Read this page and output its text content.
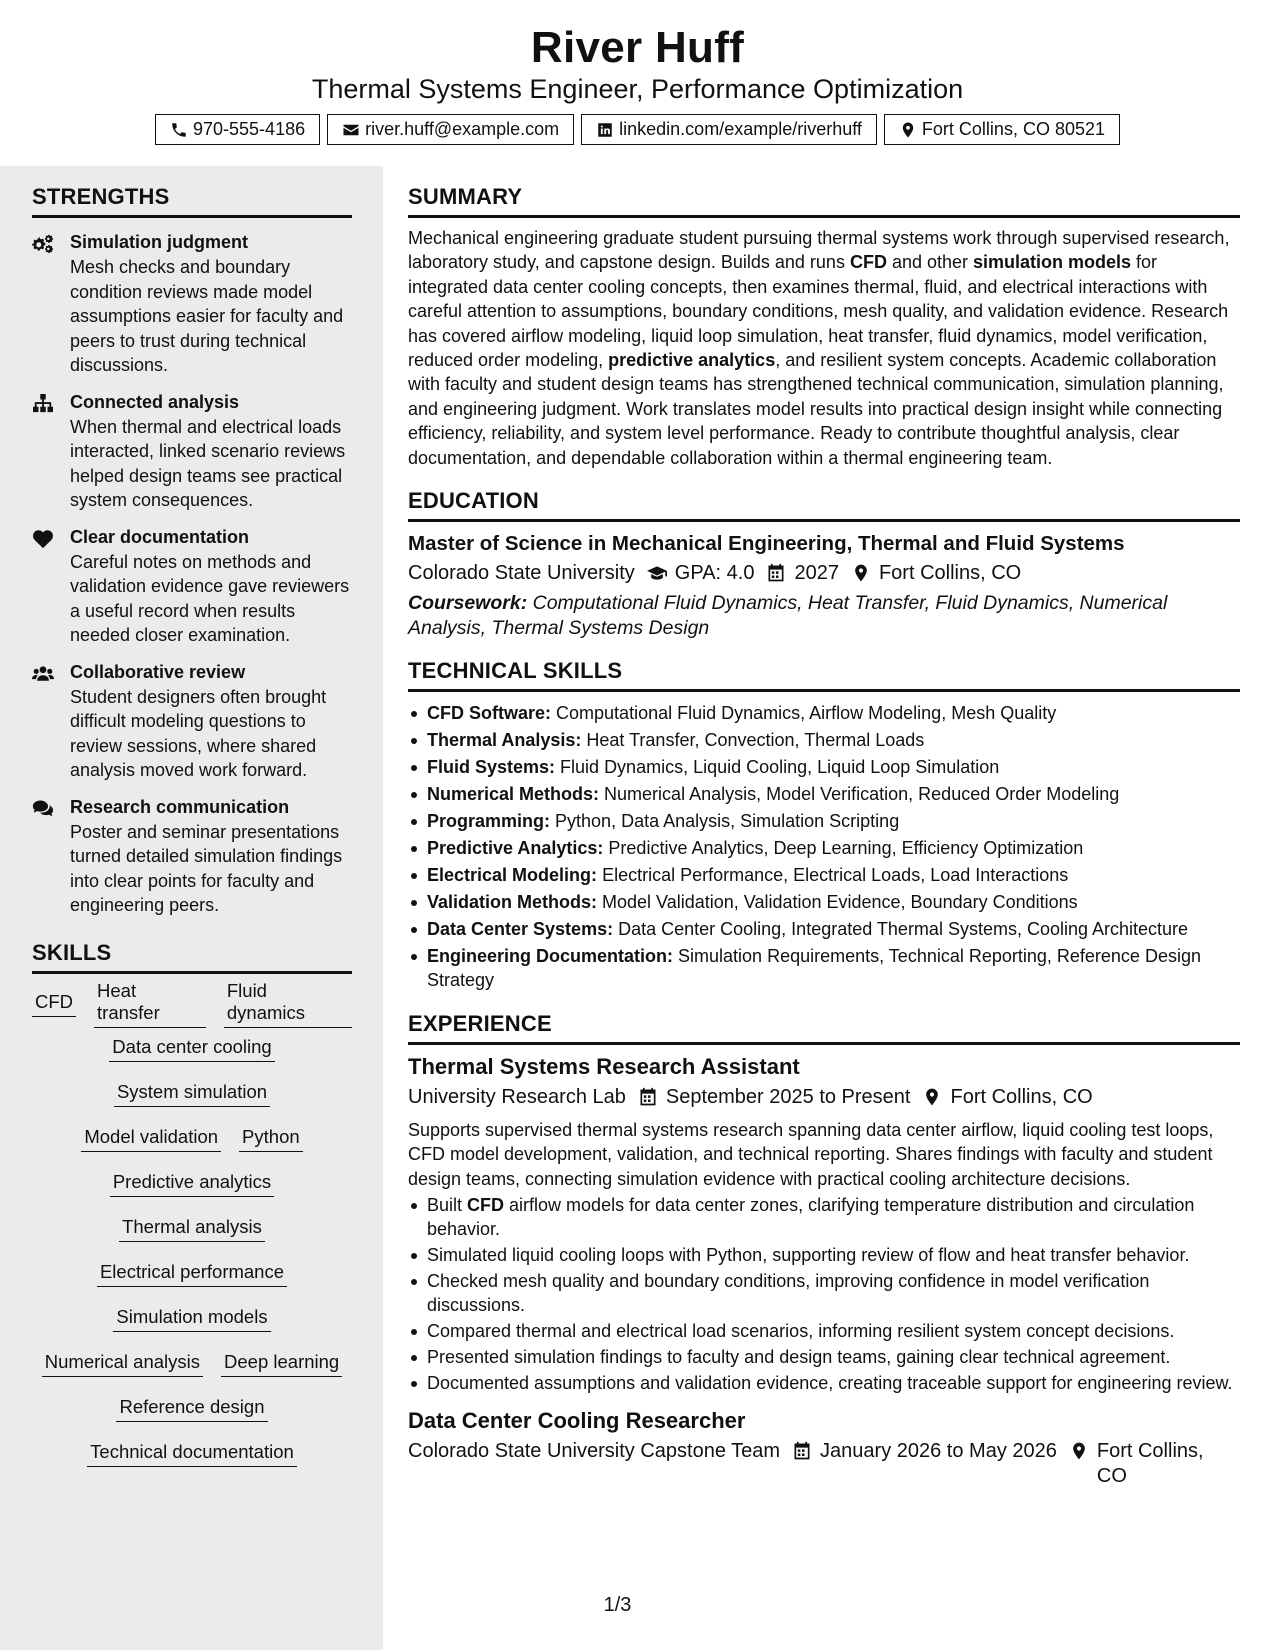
River Huff
Thermal Systems Engineer, Performance Optimization
970-555-4186	river.huff@example.com	linkedin.com/example/riverhuff	Fort Collins, CO 80521
STRENGTHS
Simulation judgment
Mesh checks and boundary condition reviews made model assumptions easier for faculty and peers to trust during technical discussions.
Connected analysis
When thermal and electrical loads interacted, linked scenario reviews helped design teams see practical system consequences.
Clear documentation
Careful notes on methods and validation evidence gave reviewers a useful record when results needed closer examination.
Collaborative review
Student designers often brought difficult modeling questions to review sessions, where shared analysis moved work forward.
Research communication
Poster and seminar presentations turned detailed simulation findings into clear points for faculty and engineering peers.
SKILLS
CFD
Heat transfer
Fluid dynamics
Data center cooling
System simulation
Model validation Python
Predictive analytics
Thermal analysis
Electrical performance
Simulation models
Numerical analysis Deep learning
Reference design
Technical documentation
SUMMARY
Mechanical engineering graduate student pursuing thermal systems work through supervised research, laboratory study, and capstone design. Builds and runs CFD and other simulation models for integrated data center cooling concepts, then examines thermal, fluid, and electrical interactions with careful attention to assumptions, boundary conditions, mesh quality, and validation evidence. Research has covered airflow modeling, liquid loop simulation, heat transfer, fluid dynamics, model verification, reduced order modeling, predictive analytics, and resilient system concepts. Academic collaboration with faculty and student design teams has strengthened technical communication, simulation planning, and engineering judgment. Work translates model results into practical design insight while connecting efficiency, reliability, and system level performance. Ready to contribute thoughtful analysis, clear documentation, and dependable collaboration within a thermal engineering team.
EDUCATION
Master of Science in Mechanical Engineering, Thermal and Fluid Systems
Colorado State University GPA: 4.0 2027 Fort Collins, CO
Coursework: Computational Fluid Dynamics, Heat Transfer, Fluid Dynamics, Numerical Analysis, Thermal Systems Design
TECHNICAL SKILLS
CFD Software: Computational Fluid Dynamics, Airflow Modeling, Mesh Quality
Thermal Analysis: Heat Transfer, Convection, Thermal Loads
Fluid Systems: Fluid Dynamics, Liquid Cooling, Liquid Loop Simulation
Numerical Methods: Numerical Analysis, Model Verification, Reduced Order Modeling
Programming: Python, Data Analysis, Simulation Scripting
Predictive Analytics: Predictive Analytics, Deep Learning, Efficiency Optimization
Electrical Modeling: Electrical Performance, Electrical Loads, Load Interactions
Validation Methods: Model Validation, Validation Evidence, Boundary Conditions
Data Center Systems: Data Center Cooling, Integrated Thermal Systems, Cooling Architecture
Engineering Documentation: Simulation Requirements, Technical Reporting, Reference Design Strategy
EXPERIENCE
Thermal Systems Research Assistant
University Research Lab September 2025 to Present Fort Collins, CO
Supports supervised thermal systems research spanning data center airflow, liquid cooling test loops, CFD model development, validation, and technical reporting. Shares findings with faculty and student design teams, connecting simulation evidence with practical cooling architecture decisions.
Built CFD airflow models for data center zones, clarifying temperature distribution and circulation behavior.
Simulated liquid cooling loops with Python, supporting review of flow and heat transfer behavior.
Checked mesh quality and boundary conditions, improving confidence in model verification discussions.
Compared thermal and electrical load scenarios, informing resilient system concept decisions.
Presented simulation findings to faculty and design teams, gaining clear technical agreement.
Documented assumptions and validation evidence, creating traceable support for engineering review.
Data Center Cooling Researcher
Colorado State University Capstone Team January 2026 to May 2026 Fort Collins, CO
1/3
